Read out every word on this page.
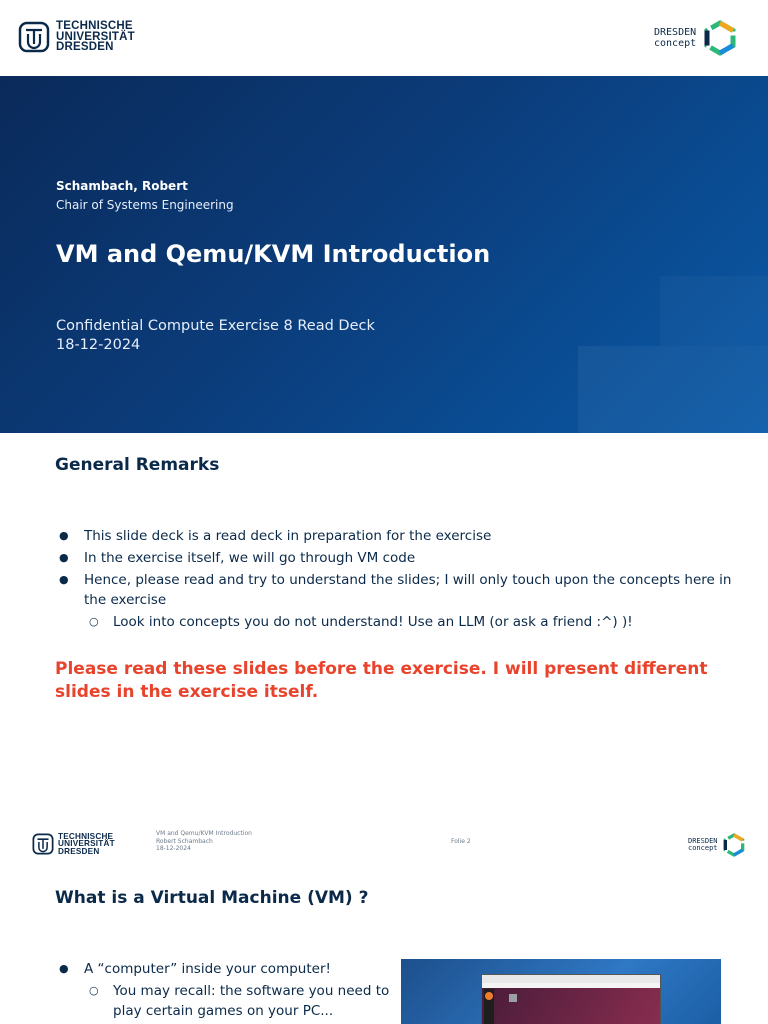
TECHNISCHE
UNIVERSITÄT
DRESDEN
DRESDEN
concept
Schambach, Robert
Chair of Systems Engineering
VM and Qemu/KVM Introduction
Confidential Compute Exercise 8 Read Deck
18-12-2024
General Remarks
● This slide deck is a read deck in preparation for the exercise
● In the exercise itself, we will go through VM code
● Hence, please read and try to understand the slides; I will only touch upon the concepts here in the exercise
○ Look into concepts you do not understand! Use an LLM (or ask a friend :^) )!
Please read these slides before the exercise. I will present different slides in the exercise itself.
TECHNISCHE
UNIVERSITÄT
DRESDEN
VM and Qemu/KVM Introduction
Robert Schambach
18-12-2024
Folie 2	DRESDEN
concept
What is a Virtual Machine (VM) ?
● A “computer” inside your computer!
○ You may recall: the software you need to play certain games on your PC...
